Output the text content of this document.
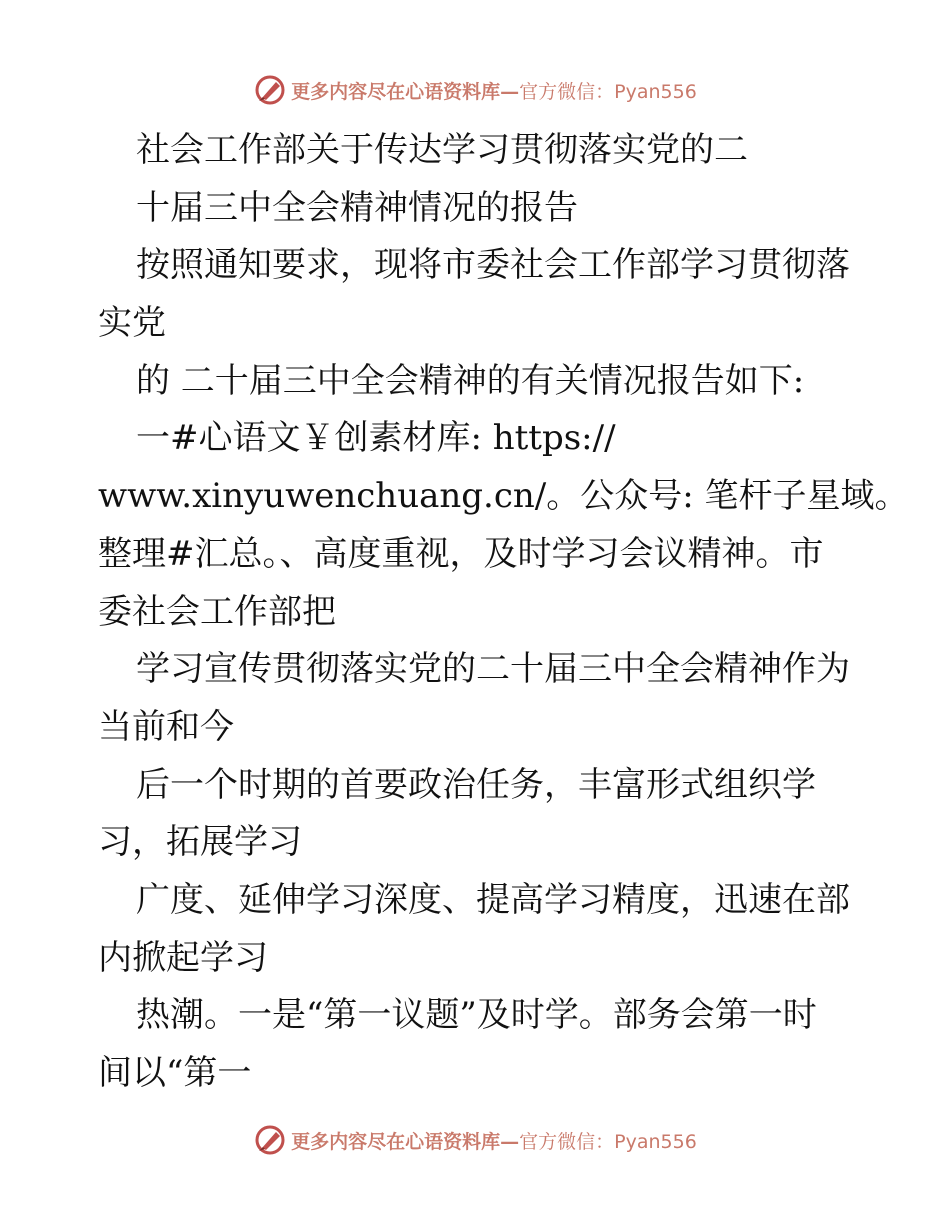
更多内容尽在心语资料库—官方微信：Pyan556
社会工作部关于传达学习贯彻落实党的二
十届三中全会精神情况的报告
按照通知要求，现将市委社会工作部学习贯彻落
实党
的 二十届三中全会精神的有关情况报告如下:
一#心语文￥创素材库: https://
www.xinyuwenchuang.cn/。公众号: 笔杆子星域。
整理#汇总。、高度重视，及时学习会议精神。市
委社会工作部把
学习宣传贯彻落实党的二十届三中全会精神作为
当前和今
后一个时期的首要政治任务，丰富形式组织学
习，拓展学习
广度、延伸学习深度、提高学习精度，迅速在部
内掀起学习
热潮。一是“第一议题”及时学。部务会第一时
间以“第一
更多内容尽在心语资料库—官方微信：Pyan556
